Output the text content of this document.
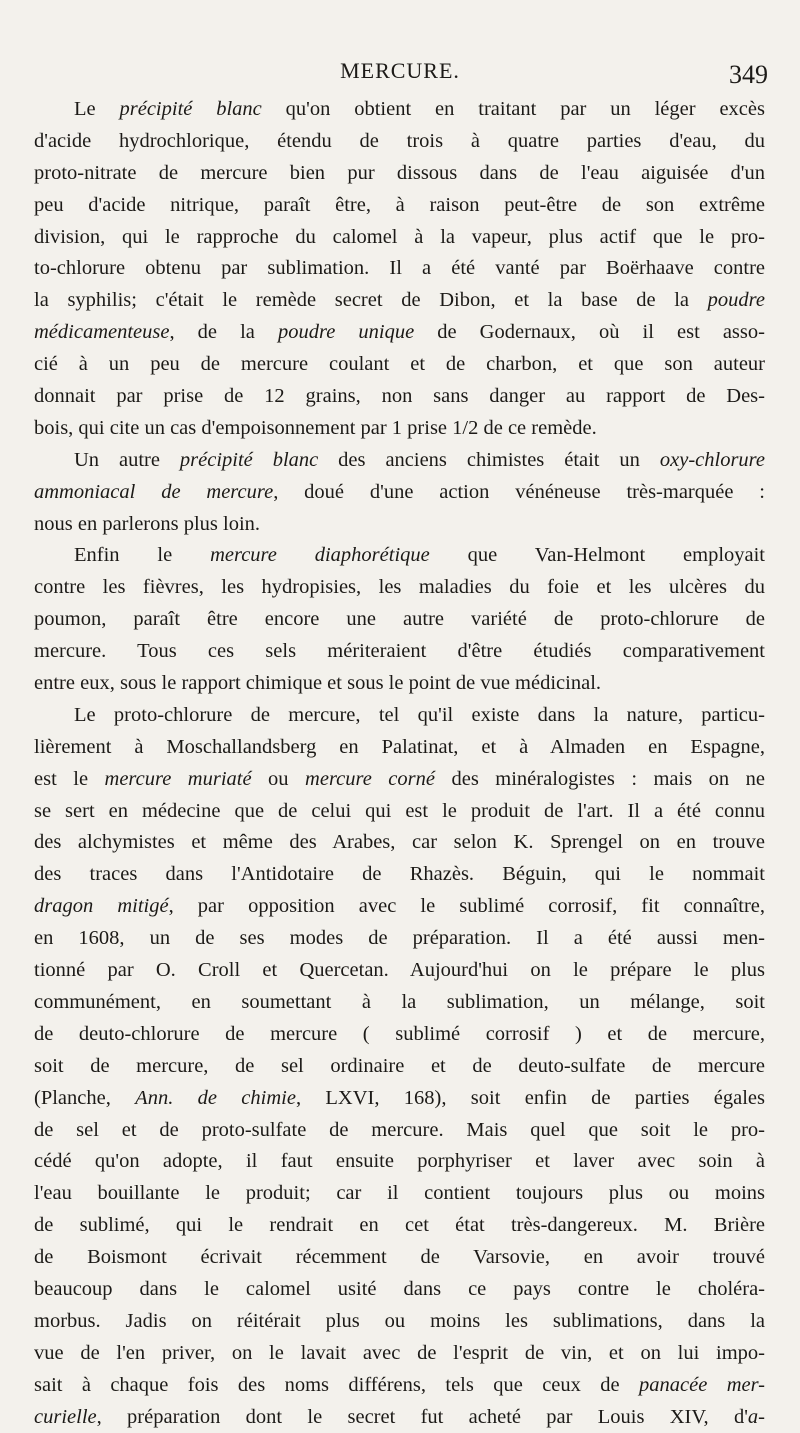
MERCURE.	349
Le précipité blanc qu'on obtient en traitant par un léger excès
d'acide hydrochlorique, étendu de trois à quatre parties d'eau, du
proto-nitrate de mercure bien pur dissous dans de l'eau aiguisée d'un
peu d'acide nitrique, paraît être, à raison peut-être de son extrême
division, qui le rapproche du calomel à la vapeur, plus actif que le pro-
to-chlorure obtenu par sublimation. Il a été vanté par Boërhaave contre
la syphilis; c'était le remède secret de Dibon, et la base de la poudre
médicamenteuse, de la poudre unique de Godernaux, où il est asso-
cié à un peu de mercure coulant et de charbon, et que son auteur
donnait par prise de 12 grains, non sans danger au rapport de Des-
bois, qui cite un cas d'empoisonnement par 1 prise 1/2 de ce remède.
Un autre précipité blanc des anciens chimistes était un oxy-chlorure
ammoniacal de mercure, doué d'une action vénéneuse très-marquée :
nous en parlerons plus loin.
Enfin le mercure diaphorétique que Van-Helmont employait
contre les fièvres, les hydropisies, les maladies du foie et les ulcères du
poumon, paraît être encore une autre variété de proto-chlorure de
mercure. Tous ces sels mériteraient d'être étudiés comparativement
entre eux, sous le rapport chimique et sous le point de vue médicinal.
Le proto-chlorure de mercure, tel qu'il existe dans la nature, particu-
lièrement à Moschallandsberg en Palatinat, et à Almaden en Espagne,
est le mercure muriaté ou mercure corné des minéralogistes : mais on ne
se sert en médecine que de celui qui est le produit de l'art. Il a été connu
des alchymistes et même des Arabes, car selon K. Sprengel on en trouve
des traces dans l'Antidotaire de Rhazès. Béguin, qui le nommait
dragon mitigé, par opposition avec le sublimé corrosif, fit connaître,
en 1608, un de ses modes de préparation. Il a été aussi men-
tionné par O. Croll et Quercetan. Aujourd'hui on le prépare le plus
communément, en soumettant à la sublimation, un mélange, soit
de deuto-chlorure de mercure ( sublimé corrosif ) et de mercure,
soit de mercure, de sel ordinaire et de deuto-sulfate de mercure
(Planche, Ann. de chimie, LXVI, 168), soit enfin de parties égales
de sel et de proto-sulfate de mercure. Mais quel que soit le pro-
cédé qu'on adopte, il faut ensuite porphyriser et laver avec soin à
l'eau bouillante le produit; car il contient toujours plus ou moins
de sublimé, qui le rendrait en cet état très-dangereux. M. Brière
de Boismont écrivait récemment de Varsovie, en avoir trouvé
beaucoup dans le calomel usité dans ce pays contre le choléra-
morbus. Jadis on réitérait plus ou moins les sublimations, dans la
vue de l'en priver, on le lavait avec de l'esprit de vin, et on lui impo-
sait à chaque fois des noms différens, tels que ceux de panacée mer-
curielle, préparation dont le secret fut acheté par Louis XIV, d'a-
